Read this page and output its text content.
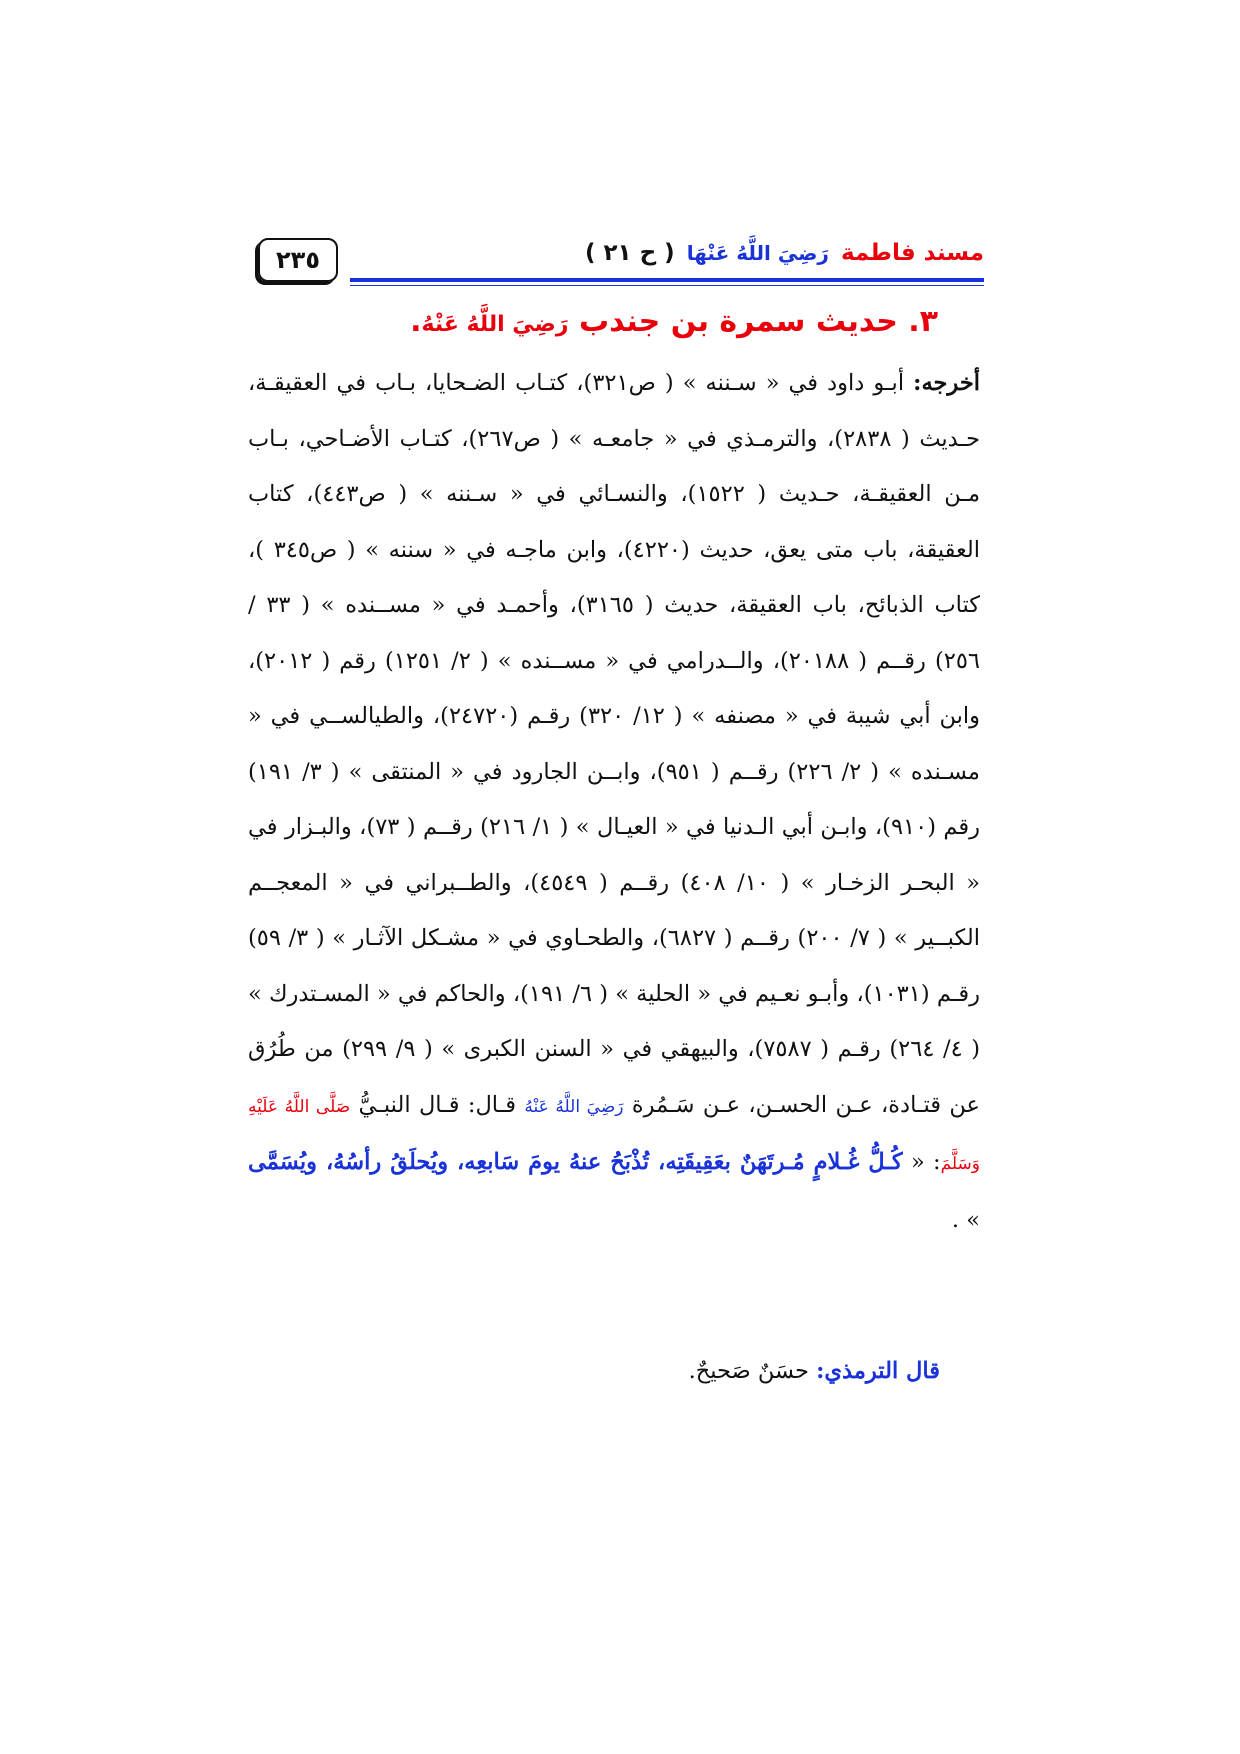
٢٣٥	مسند فاطمة رَضِيَ اللَّهُ عَنْهَا ( ح ٢١ )
٣. حديث سمرة بن جندب رَضِيَ اللَّهُ عَنْهُ.
أخرجه: أبـو داود في « سـننه » ( ص٣٢١)، كتـاب الضـحايا، بـاب في العقيقـة، حـديث ( ٢٨٣٨)، والترمـذي في « جامعـه » ( ص٢٦٧)، كتـاب الأضـاحي، بـاب مـن العقيقـة، حـديث ( ١٥٢٢)، والنسـائي في « سـننه » ( ص٤٤٣)، كتاب العقيقة، باب متى يعق، حديث (٤٢٢٠)، وابن ماجـه في « سننه » ( ص٣٤٥ )، كتاب الذبائح، باب العقيقة، حديث ( ٣١٦٥)، وأحمـد في « مســنده » ( ٣٣ / ٢٥٦) رقــم ( ٢٠١٨٨)، والــدرامي في « مســنده » ( ٢/ ١٢٥١) رقم ( ٢٠١٢)، وابن أبي شيبة في « مصنفه » ( ١٢/ ٣٢٠) رقـم (٢٤٧٢٠)، والطيالســي في « مسـنده » ( ٢/ ٢٢٦) رقــم ( ٩٥١)، وابــن الجارود في « المنتقى » ( ٣/ ١٩١) رقم (٩١٠)، وابـن أبي الـدنيا في « العيـال » ( ١/ ٢١٦) رقــم ( ٧٣)، والبـزار في « البحـر الزخـار » ( ١٠/ ٤٠٨) رقــم ( ٤٥٤٩)، والطــبراني في « المعجــم الكبــير » ( ٧/ ٢٠٠) رقــم ( ٦٨٢٧)، والطحـاوي في « مشـكل الآثـار » ( ٣/ ٥٩) رقـم (١٠٣١)، وأبـو نعـيم في « الحلية » ( ٦/ ١٩١)، والحاكم في « المسـتدرك » ( ٤/ ٢٦٤) رقـم ( ٧٥٨٧)، والبيهقي في « السنن الكبرى » ( ٩/ ٢٩٩) من طُرُق عن قتـادة، عـن الحسـن، عـن سَـمُرة رَضِيَ اللَّهُ عَنْهُ قـال: قـال النبـيُّ صَلَّى اللَّهُ عَلَيْهِ وَسَلَّمَ: « كُـلُّ غُـلامٍ مُـرتَهَنٌ بعَقِيقَتِه، تُذْبَحُ عنهُ يومَ سَابعِه، ويُحلَقُ رأسُهُ، ويُسَمَّى » .
قال الترمذي: حسَنٌ صَحيحٌ.
